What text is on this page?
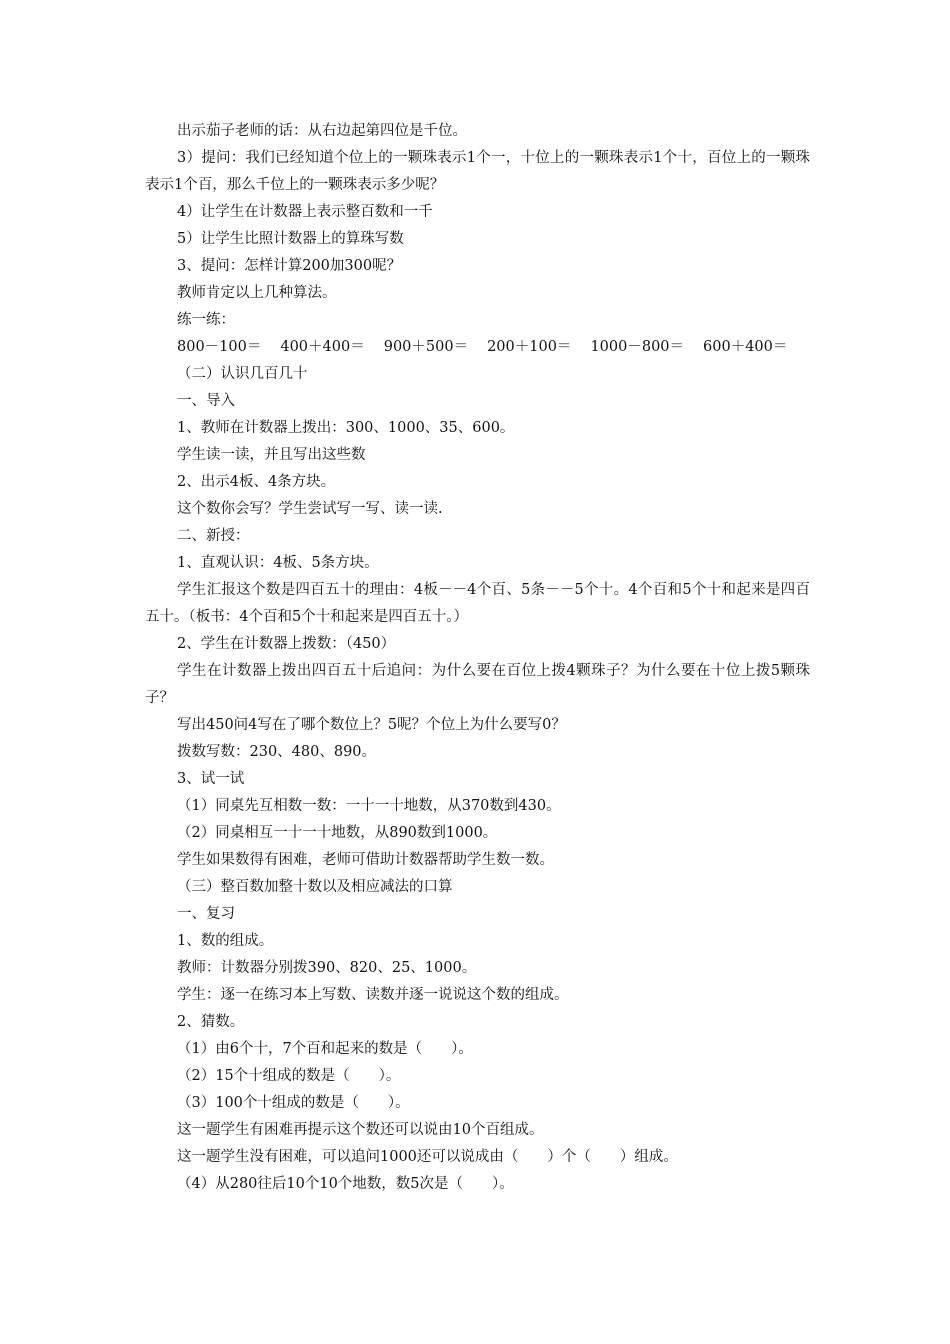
出示茄子老师的话：从右边起第四位是千位。

3）提问：我们已经知道个位上的一颗珠表示1个一，十位上的一颗珠表示1个十，百位上的一颗珠表示1个百，那么千位上的一颗珠表示多少呢？

4）让学生在计数器上表示整百数和一千

5）让学生比照计数器上的算珠写数

3、提问：怎样计算200加300呢？

教师肯定以上几种算法。

练一练：

800－100＝ 400＋400＝ 900＋500＝ 200＋100＝ 1000－800＝ 600＋400＝

（二）认识几百几十

一、导入

1、教师在计数器上拨出：300、1000、35、600。

学生读一读，并且写出这些数

2、出示4板、4条方块。

这个数你会写？学生尝试写一写、读一读.

二、新授：

1、直观认识：4板、5条方块。

学生汇报这个数是四百五十的理由：4板－－4个百、5条－－5个十。4个百和5个十和起来是四百五十。（板书：4个百和5个十和起来是四百五十。）

2、学生在计数器上拨数：（450）

学生在计数器上拨出四百五十后追问：为什么要在百位上拨4颗珠子？为什么要在十位上拨5颗珠子？

写出450问4写在了哪个数位上？5呢？个位上为什么要写0？

拨数写数：230、480、890。

3、试一试

（1）同桌先互相数一数：一十一十地数，从370数到430。

（2）同桌相互一十一十地数，从890数到1000。

学生如果数得有困难，老师可借助计数器帮助学生数一数。

（三）整百数加整十数以及相应减法的口算

一、复习

1、数的组成。

教师：计数器分别拨390、820、25、1000。

学生：逐一在练习本上写数、读数并逐一说说这个数的组成。

2、猜数。

（1）由6个十，7个百和起来的数是（　　）。

（2）15个十组成的数是（　　）。

（3）100个十组成的数是（　　）。

这一题学生有困难再提示这个数还可以说由10个百组成。

这一题学生没有困难，可以追问1000还可以说成由（　　）个（　　）组成。

（4）从280往后10个10个地数，数5次是（　　）。
